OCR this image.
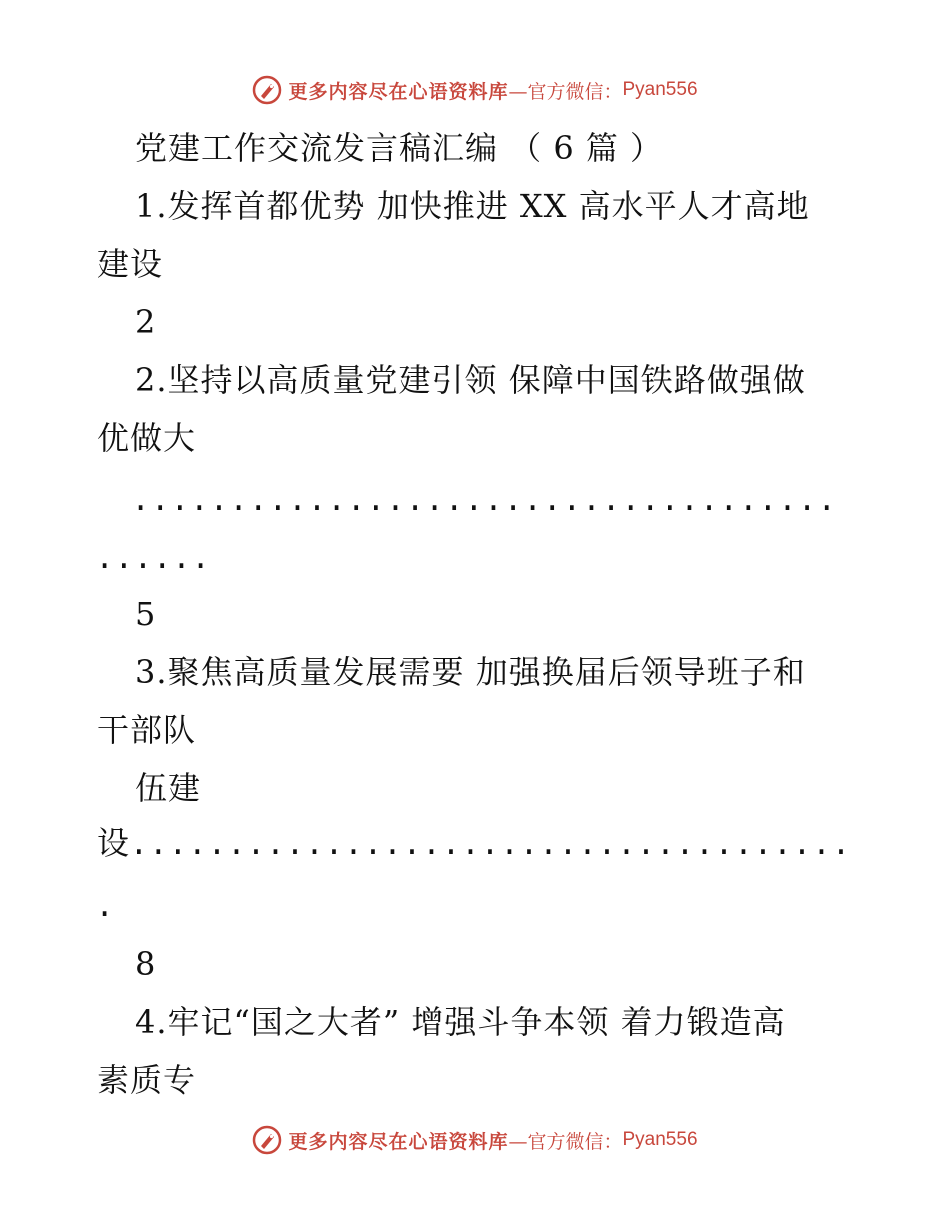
更多内容尽在心语资料库 —官方微信： Pyan556
党建工作交流发言稿汇编 （ 6 篇 ）
1.发挥首都优势 加快推进 XX 高水平人才高地
建设
2
2.坚持以高质量党建引领 保障中国铁路做强做
优做大
....................................
......
5
3.聚焦高质量发展需要 加强换届后领导班子和
干部队
伍建
设.....................................
.
8
4.牢记“国之大者” 增强斗争本领 着力锻造高
素质专
更多内容尽在心语资料库 —官方微信： Pyan556
